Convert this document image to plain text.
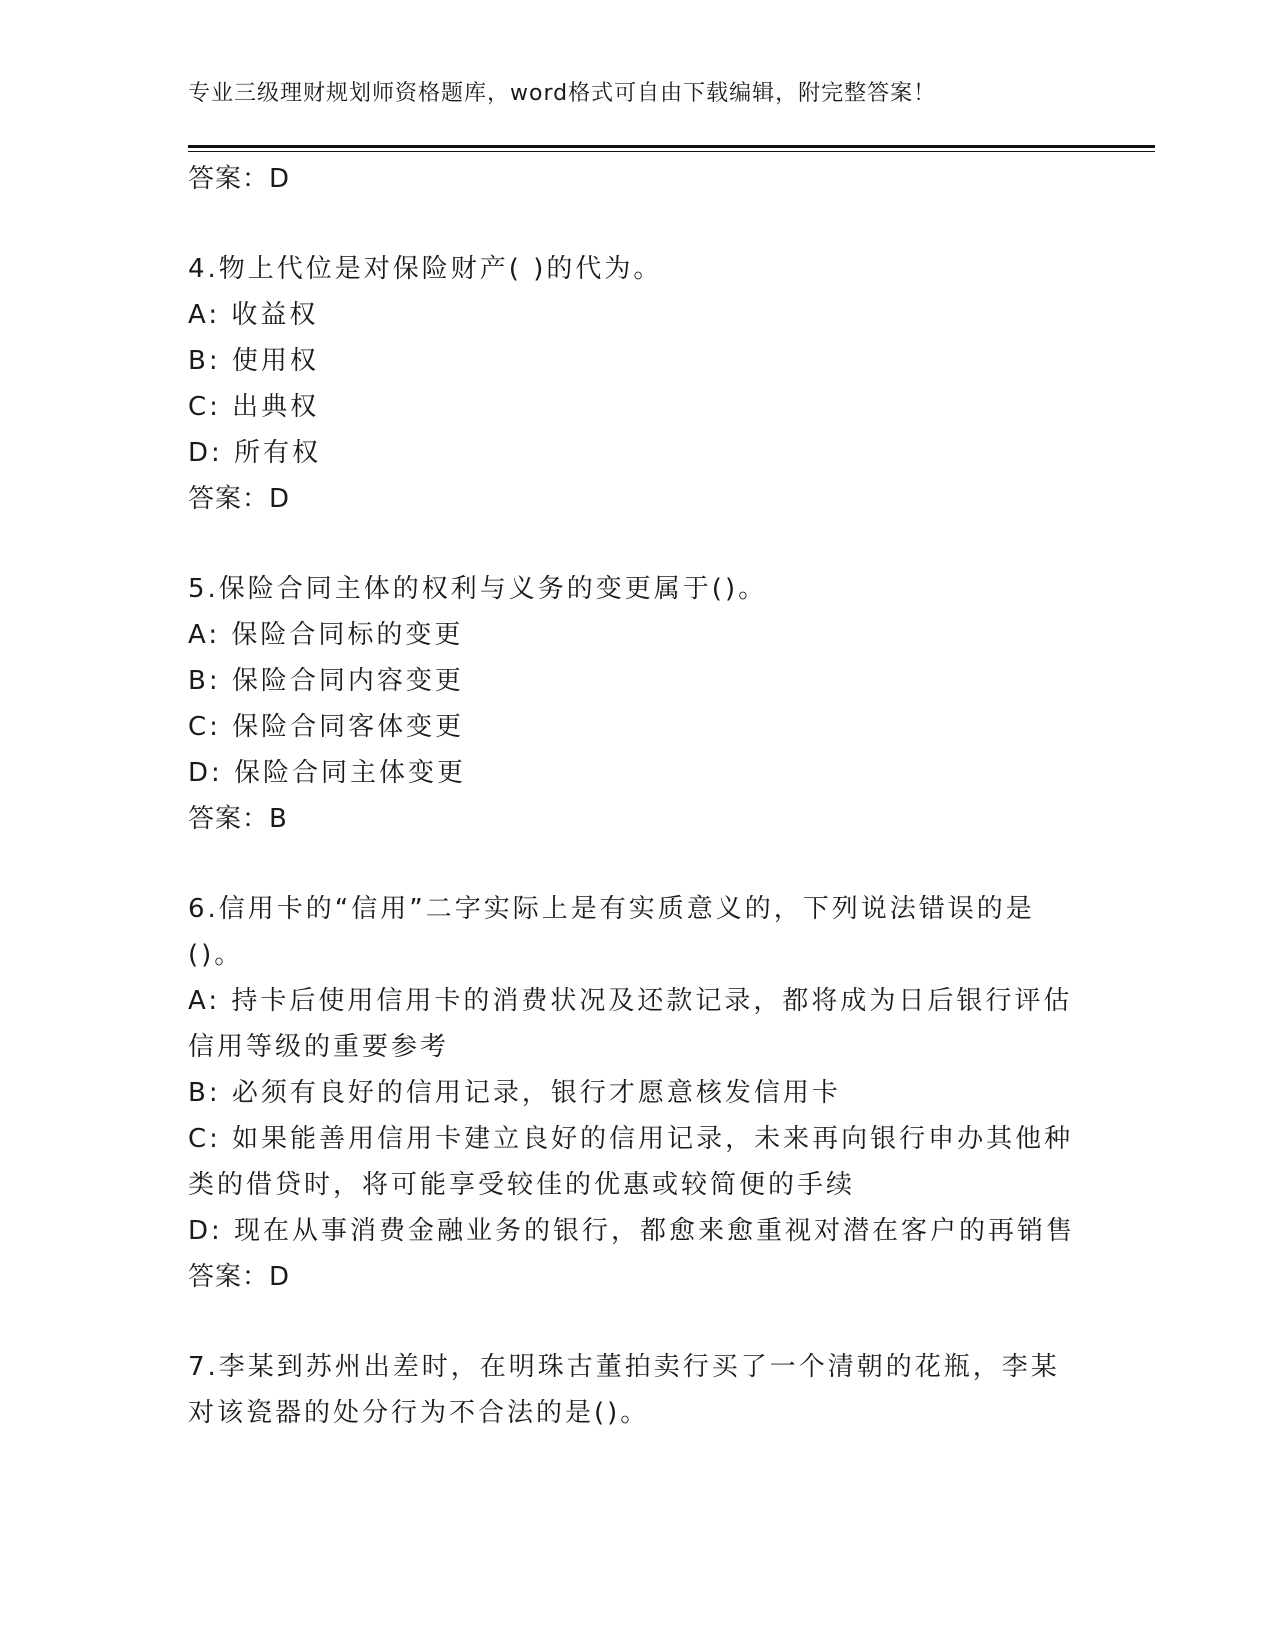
专业三级理财规划师资格题库，word格式可自由下载编辑，附完整答案！
答案：D
4.物上代位是对保险财产( )的代为。
A: 收益权
B: 使用权
C: 出典权
D: 所有权
答案：D
5.保险合同主体的权利与义务的变更属于()。
A: 保险合同标的变更
B: 保险合同内容变更
C: 保险合同客体变更
D: 保险合同主体变更
答案：B
6.信用卡的“信用”二字实际上是有实质意义的，下列说法错误的是
()。
A: 持卡后使用信用卡的消费状况及还款记录，都将成为日后银行评估
信用等级的重要参考
B: 必须有良好的信用记录，银行才愿意核发信用卡
C: 如果能善用信用卡建立良好的信用记录，未来再向银行申办其他种
类的借贷时，将可能享受较佳的优惠或较简便的手续
D: 现在从事消费金融业务的银行，都愈来愈重视对潜在客户的再销售
答案：D
7.李某到苏州出差时，在明珠古董拍卖行买了一个清朝的花瓶，李某
对该瓷器的处分行为不合法的是()。
